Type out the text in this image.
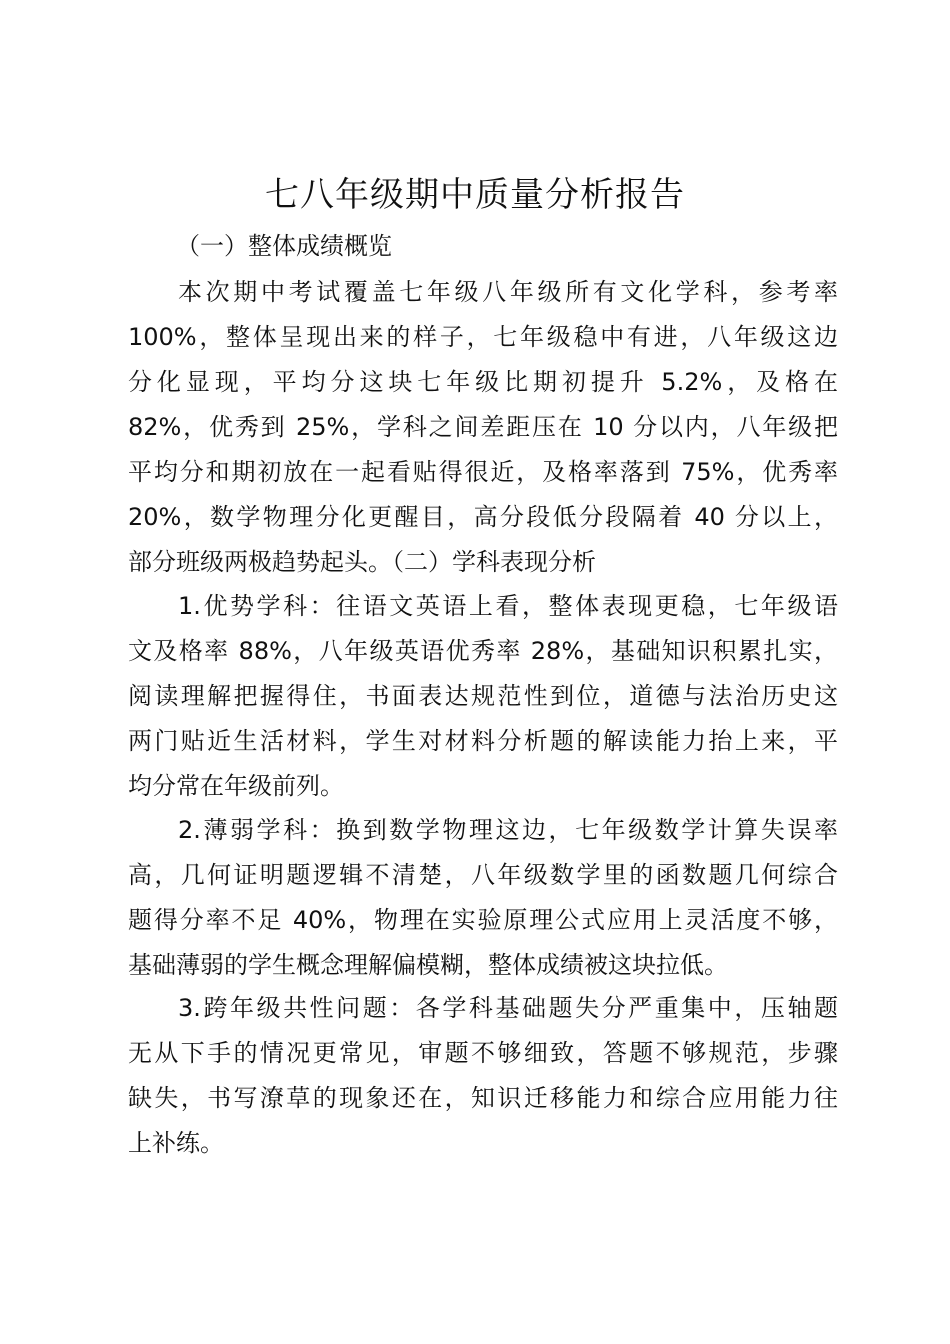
七八年级期中质量分析报告
（一）整体成绩概览
本次期中考试覆盖七年级八年级所有文化学科，参考率
100%，整体呈现出来的样子，七年级稳中有进，八年级这边
分化显现，平均分这块七年级比期初提升 5.2%，及格在
82%，优秀到 25%，学科之间差距压在 10 分以内，八年级把
平均分和期初放在一起看贴得很近，及格率落到 75%，优秀率
20%，数学物理分化更醒目，高分段低分段隔着 40 分以上，
部分班级两极趋势起头。（二）学科表现分析
1.优势学科：往语文英语上看，整体表现更稳，七年级语
文及格率 88%，八年级英语优秀率 28%，基础知识积累扎实，
阅读理解把握得住，书面表达规范性到位，道德与法治历史这
两门贴近生活材料，学生对材料分析题的解读能力抬上来，平
均分常在年级前列。
2.薄弱学科：换到数学物理这边，七年级数学计算失误率
高，几何证明题逻辑不清楚，八年级数学里的函数题几何综合
题得分率不足 40%，物理在实验原理公式应用上灵活度不够，
基础薄弱的学生概念理解偏模糊，整体成绩被这块拉低。
3.跨年级共性问题：各学科基础题失分严重集中，压轴题
无从下手的情况更常见，审题不够细致，答题不够规范，步骤
缺失，书写潦草的现象还在，知识迁移能力和综合应用能力往
上补练。
